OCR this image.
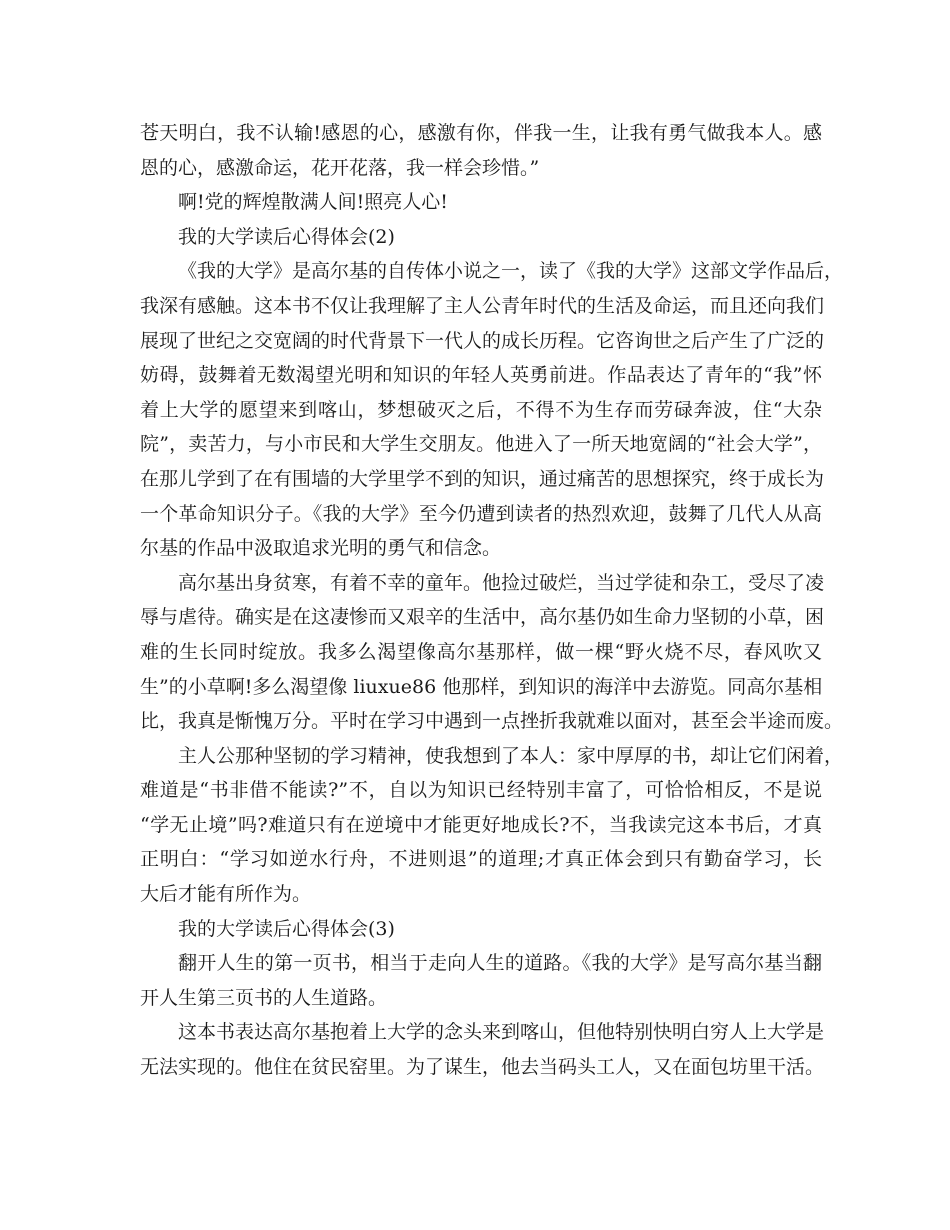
苍天明白，我不认输!感恩的心，感激有你，伴我一生，让我有勇气做我本人。感
恩的心，感激命运，花开花落，我一样会珍惜。”
啊!党的辉煌散满人间!照亮人心!
我的大学读后心得体会(2)
《我的大学》是高尔基的自传体小说之一，读了《我的大学》这部文学作品后，
我深有感触。这本书不仅让我理解了主人公青年时代的生活及命运，而且还向我们
展现了世纪之交宽阔的时代背景下一代人的成长历程。它咨询世之后产生了广泛的
妨碍，鼓舞着无数渴望光明和知识的年轻人英勇前进。作品表达了青年的“我”怀
着上大学的愿望来到喀山，梦想破灭之后，不得不为生存而劳碌奔波，住“大杂
院”，卖苦力，与小市民和大学生交朋友。他进入了一所天地宽阔的“社会大学”，
在那儿学到了在有围墙的大学里学不到的知识，通过痛苦的思想探究，终于成长为
一个革命知识分子。《我的大学》至今仍遭到读者的热烈欢迎，鼓舞了几代人从高
尔基的作品中汲取追求光明的勇气和信念。
高尔基出身贫寒，有着不幸的童年。他捡过破烂，当过学徒和杂工，受尽了凌
辱与虐待。确实是在这凄惨而又艰辛的生活中，高尔基仍如生命力坚韧的小草，困
难的生长同时绽放。我多么渴望像高尔基那样，做一棵“野火烧不尽，春风吹又
生”的小草啊!多么渴望像 liuxue86 他那样，到知识的海洋中去游览。同高尔基相
比，我真是惭愧万分。平时在学习中遇到一点挫折我就难以面对，甚至会半途而废。
主人公那种坚韧的学习精神，使我想到了本人：家中厚厚的书，却让它们闲着，
难道是“书非借不能读?”不，自以为知识已经特别丰富了，可恰恰相反，不是说
“学无止境”吗?难道只有在逆境中才能更好地成长?不，当我读完这本书后，才真
正明白：“学习如逆水行舟，不进则退”的道理;才真正体会到只有勤奋学习，长
大后才能有所作为。
我的大学读后心得体会(3)
翻开人生的第一页书，相当于走向人生的道路。《我的大学》是写高尔基当翻
开人生第三页书的人生道路。
这本书表达高尔基抱着上大学的念头来到喀山，但他特别快明白穷人上大学是
无法实现的。他住在贫民窑里。为了谋生，他去当码头工人，又在面包坊里干活。
